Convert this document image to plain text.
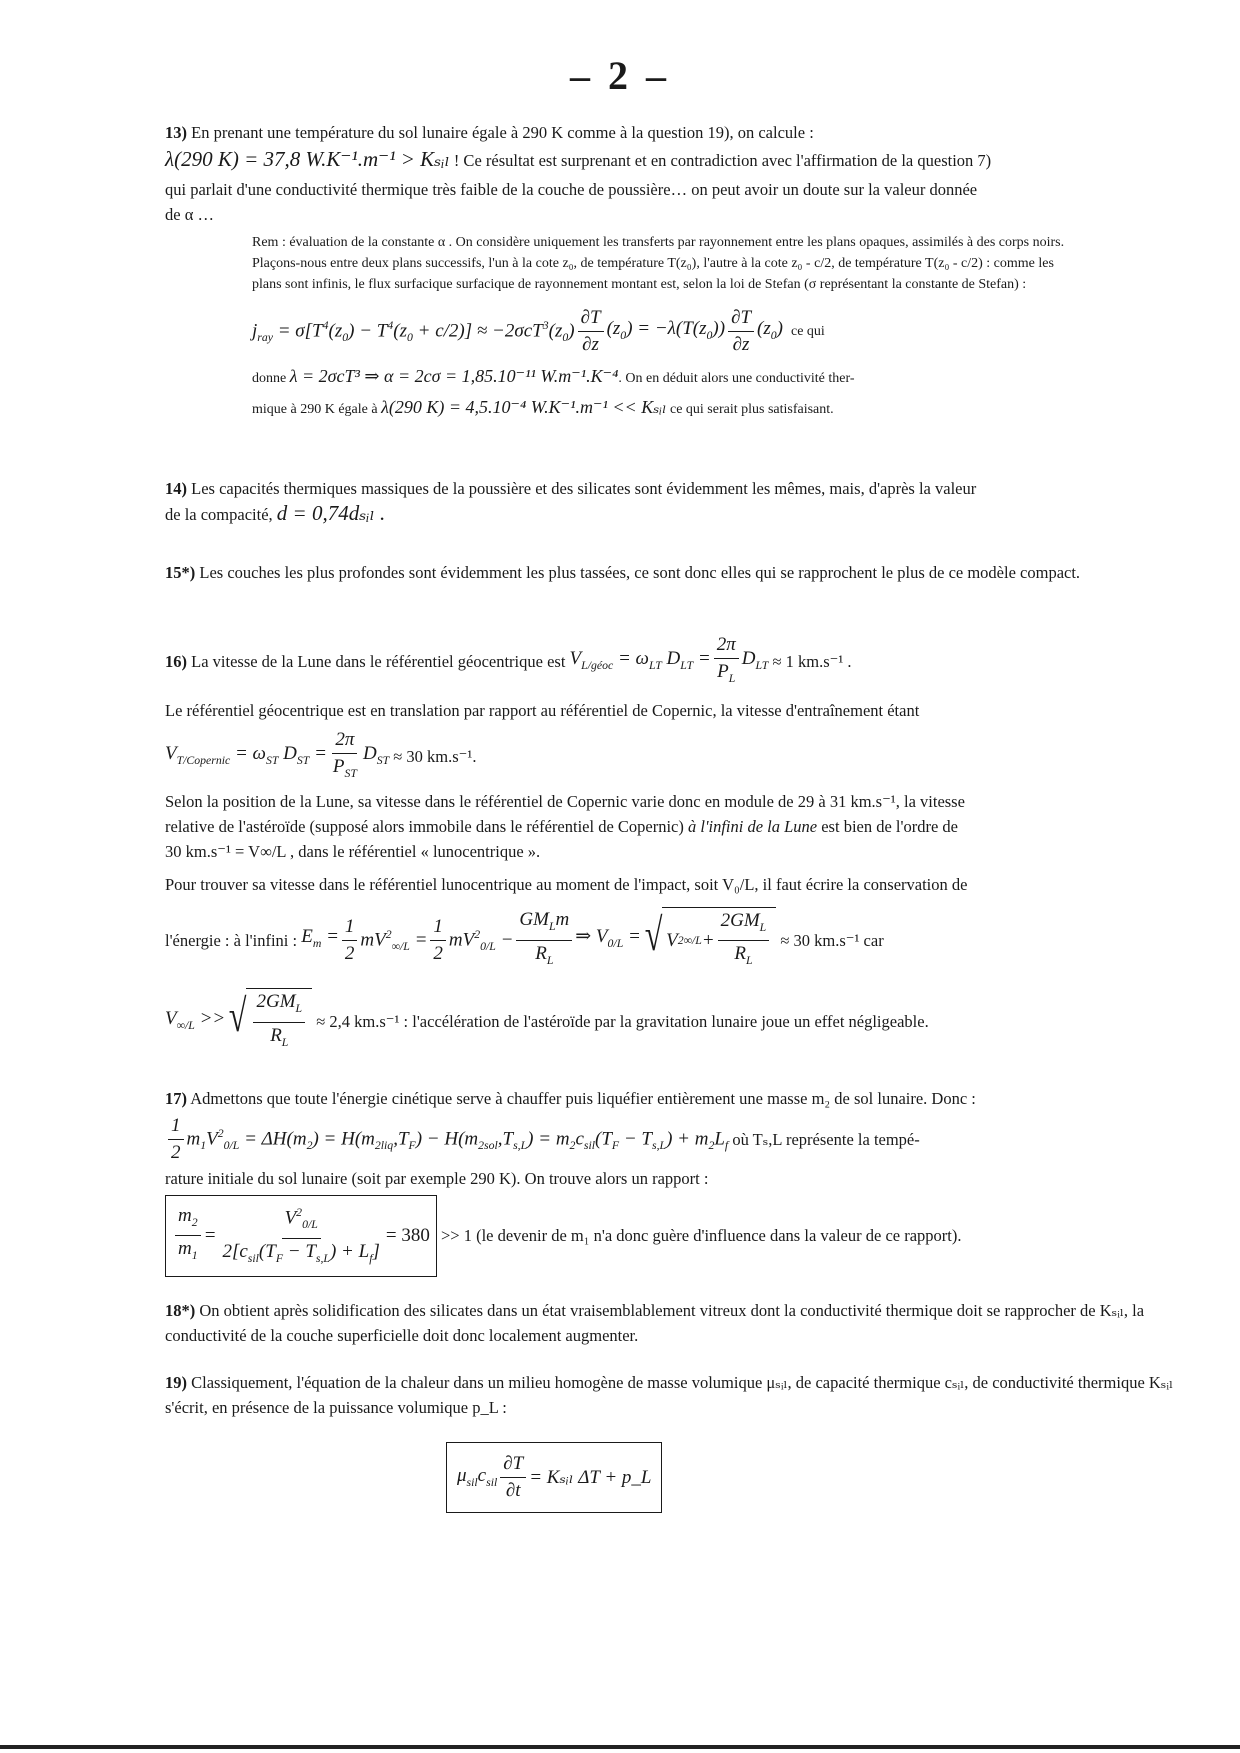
– 2 –
13) En prenant une température du sol lunaire égale à 290 K comme à la question 19), on calcule :
λ(290 K) = 37,8 W.K⁻¹.m⁻¹ > Kₛᵢₗ ! Ce résultat est surprenant et en contradiction avec l'affirmation de la question 7)
qui parlait d'une conductivité thermique très faible de la couche de poussière… on peut avoir un doute sur la valeur donnée
de α …
Rem : évaluation de la constante α . On considère uniquement les transferts par rayonnement entre les plans opaques, assimilés à des corps noirs. Plaçons-nous entre deux plans successifs, l'un à la cote z₀, de température T(z₀), l'autre à la cote z₀ - c/2, de température T(z₀ - c/2) : comme les plans sont infinis, le flux surfacique surfacique de rayonnement montant est, selon la loi de Stefan (σ représentant la constante de Stefan) :
$j_{ray} = \sigma[T^4(z_0) - T^4(z_0 + c/2)] \approx -2\sigma cT^3(z_0) \frac{\partial T}{\partial z} (z_0) = -\lambda(T(z_0)) \frac{\partial T}{\partial z} (z_0)$ ce qui
donne λ = 2σcT³ ⇒ α = 2cσ = 1,85.10⁻¹¹ W.m⁻¹.K⁻⁴. On en déduit alors une conductivité ther-
mique à 290 K égale à λ(290 K) = 4,5.10⁻⁴ W.K⁻¹.m⁻¹ << Kₛᵢₗ ce qui serait plus satisfaisant.
14) Les capacités thermiques massiques de la poussière et des silicates sont évidemment les mêmes, mais, d'après la valeur
de la compacité, d = 0,74dₛᵢₗ .
15*) Les couches les plus profondes sont évidemment les plus tassées, ce sont donc elles qui se rapprochent le plus de ce modèle compact.
16)
La vitesse de la Lune dans le référentiel géocentrique est
$V_{L/géoc} = \omega_{LT}$ $D_{LT} = \frac{2\pi}{P_L} D_{LT}$
≈ 1 km.s⁻¹ .
Le référentiel géocentrique est en translation par rapport au référentiel de Copernic, la vitesse d'entraînement étant
$V_{T/Copernic} = \omega_{ST}$ $D_{ST} = \frac{2\pi}{P_{ST}} D_{ST}$
≈ 30 km.s⁻¹.
Selon la position de la Lune, sa vitesse dans le référentiel de Copernic varie donc en module de 29 à 31 km.s⁻¹, la vitesse
relative de l'astéroïde (supposé alors immobile dans le référentiel de Copernic) à l'infini de la Lune est bien de l'ordre de
30 km.s⁻¹ = V∞/L , dans le référentiel « lunocentrique ».
Pour trouver sa vitesse dans le référentiel lunocentrique au moment de l'impact, soit V₀/L, il faut écrire la conservation de
l'énergie : à l'infini :
$E_m = \frac{1}{2} mV^2_{\infty/L} = \frac{1}{2} mV^2_{0/L} - \frac{GM_Lm}{R_L}$ ⇒ $V_{0/L}$ = √ V 2 $\infty/L + \frac{2GM_L}{R_L}$
≈ 30 km.s⁻¹ car
$V_{\infty/L}$ >> √ $\frac{2GM_L}{R_L}$
≈ 2,4 km.s⁻¹ : l'accélération de l'astéroïde par la gravitation lunaire joue un effet négligeable.
17) Admettons que toute l'énergie cinétique serve à chauffer puis liquéfier entièrement une masse m₂ de sol lunaire. Donc :
$\frac{1}{2} m_1V^2_{0/L} = \Delta H(m_2) = H(m_{2liq},T_F) - H(m_{2sol},T_{s,L}) = m_2c_{sil}(T_F - T_{s,L}) + m_2L_f$
où Tₛ,L représente la tempé-
rature initiale du sol lunaire (soit par exemple 290 K). On trouve alors un rapport :
$\frac{m_2}{m_1} = \frac{V^2_{0/L}}{2[c_{sil}(T_F - T_{s,L}) + L_f]} = 380$
>> 1 (le devenir de m₁ n'a donc guère d'influence dans la valeur de ce rapport).
18*) On obtient après solidification des silicates dans un état vraisemblablement vitreux dont la conductivité thermique doit se rapprocher de Kₛᵢₗ, la conductivité de la couche superficielle doit donc localement augmenter.
19) Classiquement, l'équation de la chaleur dans un milieu homogène de masse volumique μₛᵢₗ, de capacité thermique cₛᵢₗ, de conductivité thermique Kₛᵢₗ s'écrit, en présence de la puissance volumique p_L :
$\mu_{sil}c_{sil} \frac{\partial T}{\partial t}$ = Kₛᵢₗ ΔT + p_L
